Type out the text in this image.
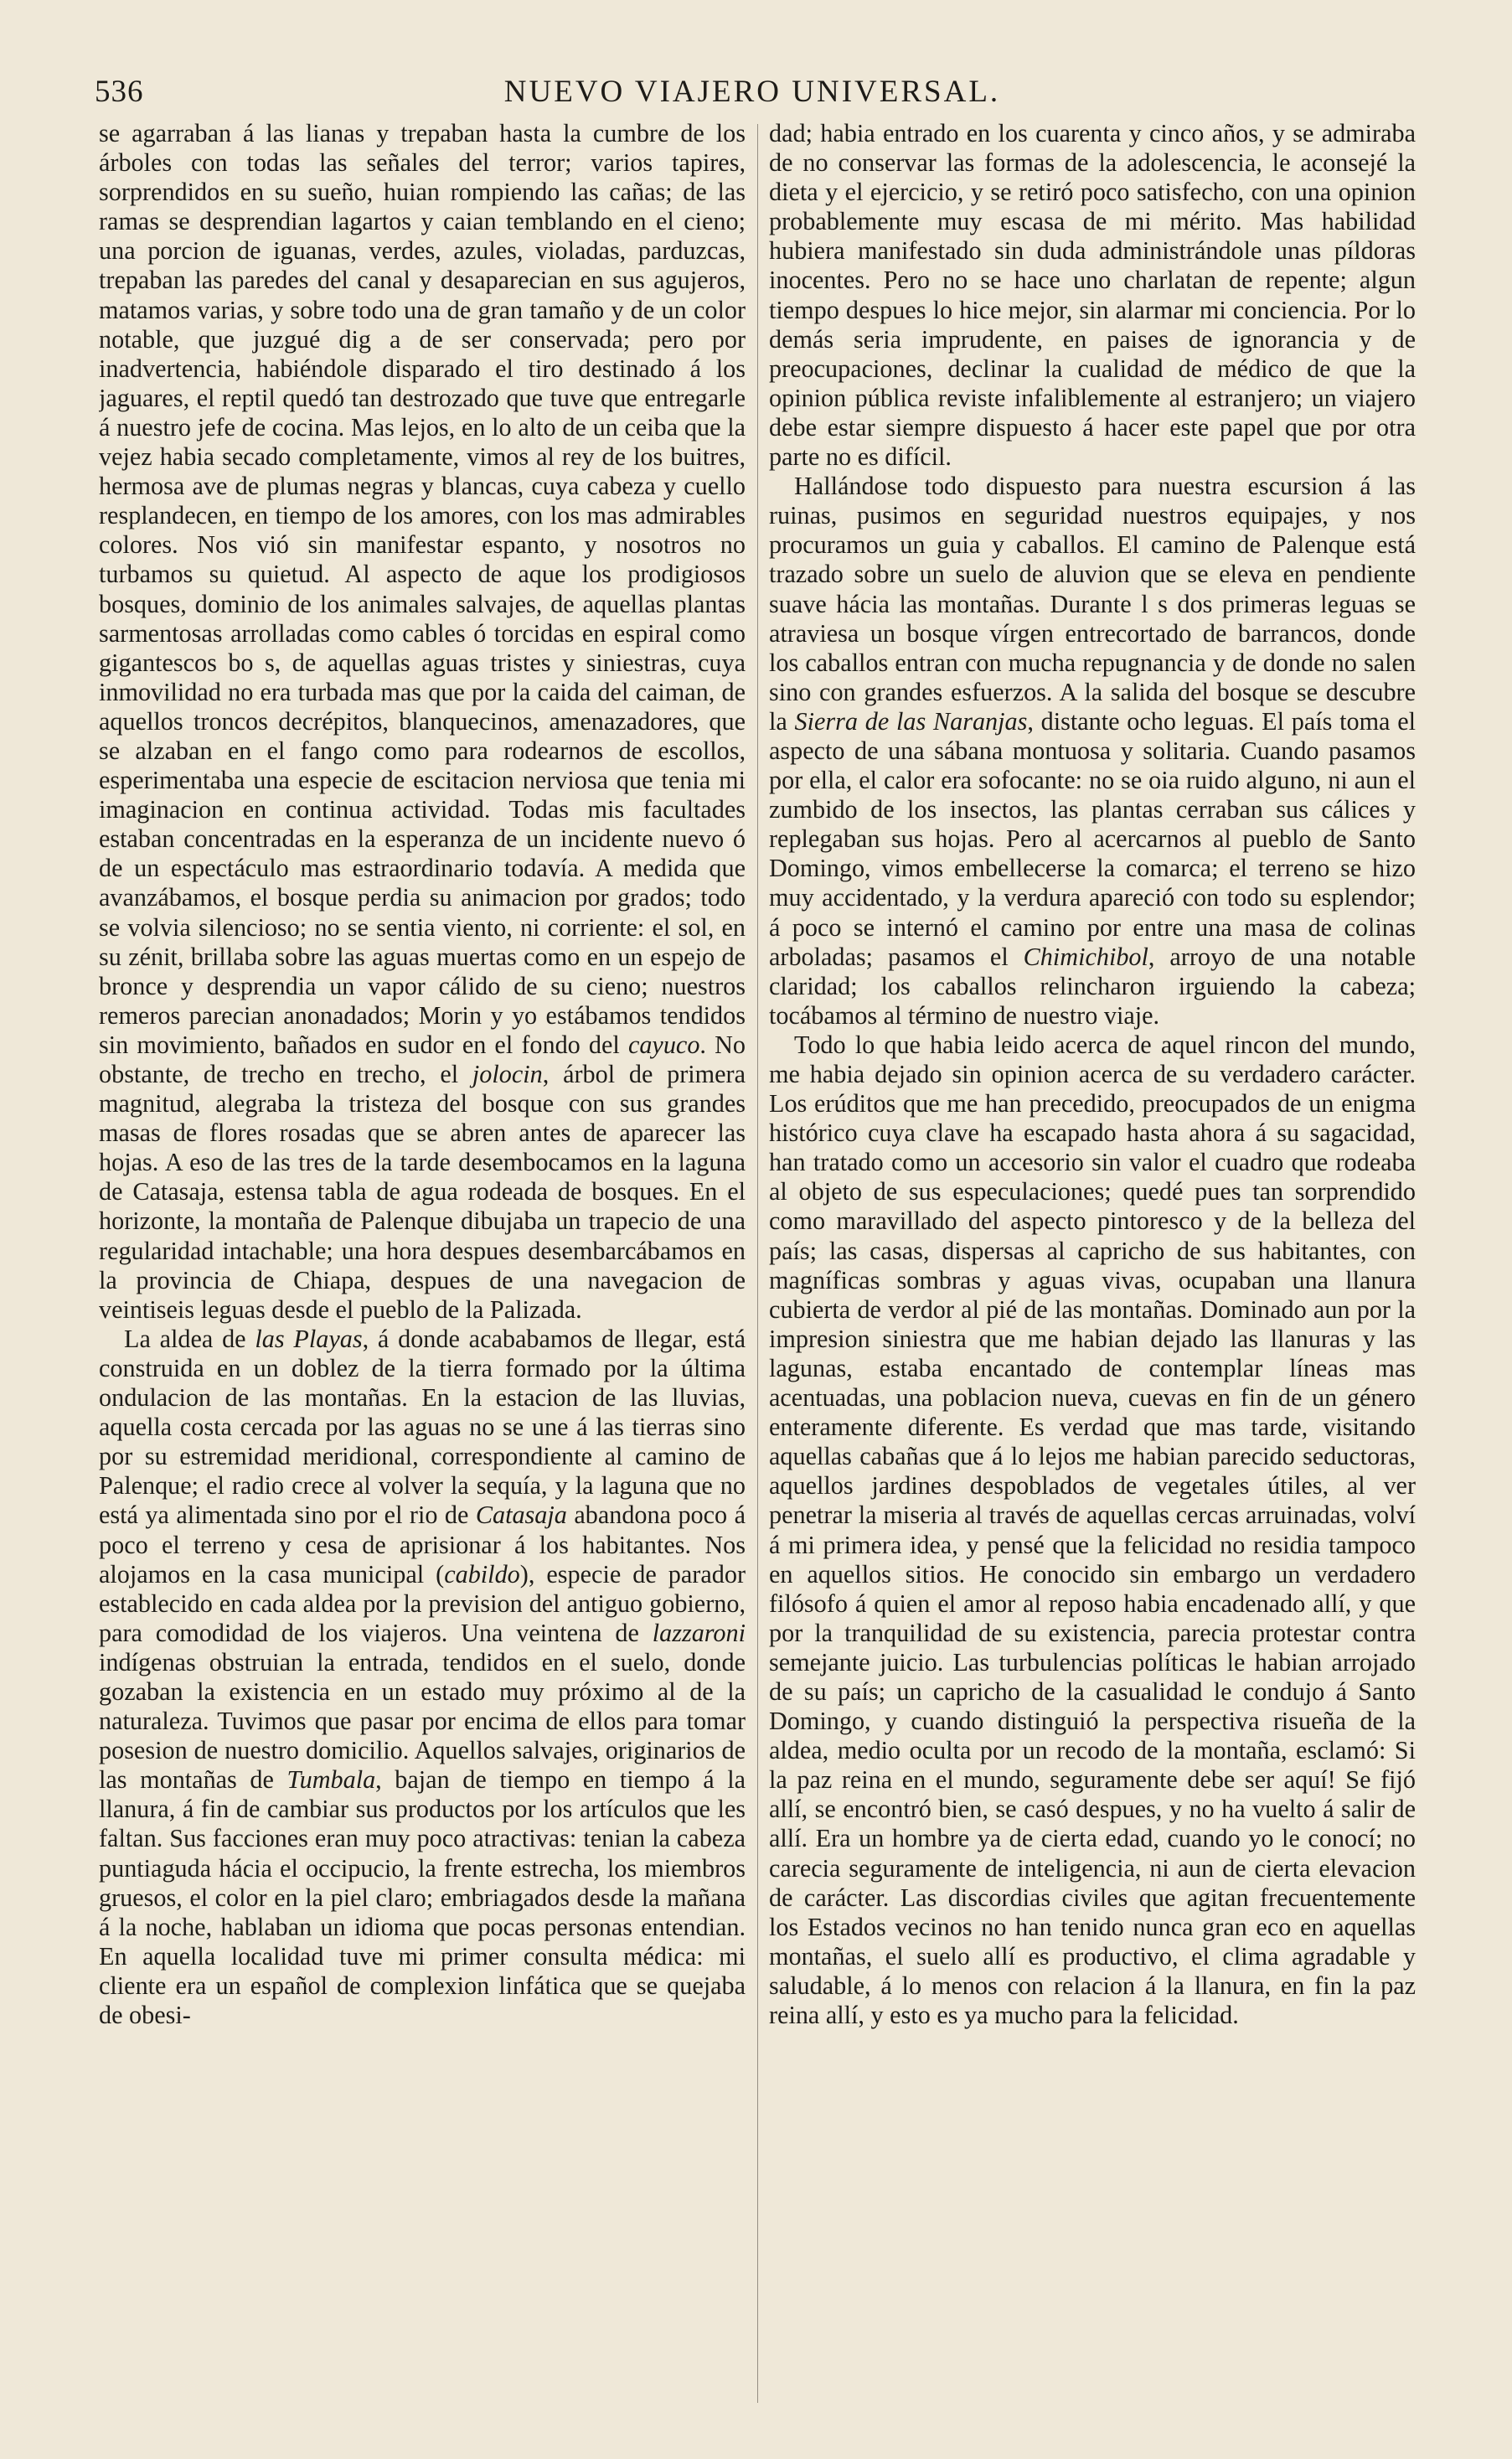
536	NUEVO VIAJERO UNIVERSAL.

se agarraban á las lianas y trepaban hasta la cumbre de los árboles con todas las señales del terror; varios tapires, sorprendidos en su sueño, huian rompiendo las cañas; de las ramas se desprendian lagartos y caian temblando en el cieno; una porcion de iguanas, verdes, azules, violadas, parduzcas, trepaban las paredes del canal y desaparecian en sus agujeros, matamos varias, y sobre todo una de gran tamaño y de un color notable, que juzgué dig a de ser conservada; pero por inadvertencia, habiéndole disparado el tiro destinado á los jaguares, el reptil quedó tan destrozado que tuve que entregarle á nuestro jefe de cocina. Mas lejos, en lo alto de un ceiba que la vejez habia secado completamente, vimos al rey de los buitres, hermosa ave de plumas negras y blancas, cuya cabeza y cuello resplandecen, en tiempo de los amores, con los mas admirables colores. Nos vió sin manifestar espanto, y nosotros no turbamos su quietud. Al aspecto de aque los prodigiosos bosques, dominio de los animales salvajes, de aquellas plantas sarmentosas arrolladas como cables ó torcidas en espiral como gigantescos bo s, de aquellas aguas tristes y siniestras, cuya inmovilidad no era turbada mas que por la caida del caiman, de aquellos troncos decrépitos, blanquecinos, amenazadores, que se alzaban en el fango como para rodearnos de escollos, esperimentaba una especie de escitacion nerviosa que tenia mi imaginacion en continua actividad. Todas mis facultades estaban concentradas en la esperanza de un incidente nuevo ó de un espectáculo mas estraordinario todavía. A medida que avanzábamos, el bosque perdia su animacion por grados; todo se volvia silencioso; no se sentia viento, ni corriente: el sol, en su zénit, brillaba sobre las aguas muertas como en un espejo de bronce y desprendia un vapor cálido de su cieno; nuestros remeros parecian anonadados; Morin y yo estábamos tendidos sin movimiento, bañados en sudor en el fondo del cayuco. No obstante, de trecho en trecho, el jolocin, árbol de primera magnitud, alegraba la tristeza del bosque con sus grandes masas de flores rosadas que se abren antes de aparecer las hojas. A eso de las tres de la tarde desembocamos en la laguna de Catasaja, estensa tabla de agua rodeada de bosques. En el horizonte, la montaña de Palenque dibujaba un trapecio de una regularidad intachable; una hora despues desembarcábamos en la provincia de Chiapa, despues de una navegacion de veintiseis leguas desde el pueblo de la Palizada.

La aldea de las Playas, á donde acababamos de llegar, está construida en un doblez de la tierra formado por la última ondulacion de las montañas. En la estacion de las lluvias, aquella costa cercada por las aguas no se une á las tierras sino por su estremidad meridional, correspondiente al camino de Palenque; el radio crece al volver la sequía, y la laguna que no está ya alimentada sino por el rio de Catasaja abandona poco á poco el terreno y cesa de aprisionar á los habitantes. Nos alojamos en la casa municipal (cabildo), especie de parador establecido en cada aldea por la prevision del antiguo gobierno, para comodidad de los viajeros. Una veintena de lazzaroni indígenas obstruian la entrada, tendidos en el suelo, donde gozaban la existencia en un estado muy próximo al de la naturaleza. Tuvimos que pasar por encima de ellos para tomar posesion de nuestro domicilio. Aquellos salvajes, originarios de las montañas de Tumbala, bajan de tiempo en tiempo á la llanura, á fin de cambiar sus productos por los artículos que les faltan. Sus facciones eran muy poco atractivas: tenian la cabeza puntiaguda hácia el occipucio, la frente estrecha, los miembros gruesos, el color en la piel claro; embriagados desde la mañana á la noche, hablaban un idioma que pocas personas entendian. En aquella localidad tuve mi primer consulta médica: mi cliente era un español de complexion linfática que se quejaba de obesi-

dad; habia entrado en los cuarenta y cinco años, y se admiraba de no conservar las formas de la adolescencia, le aconsejé la dieta y el ejercicio, y se retiró poco satisfecho, con una opinion probablemente muy escasa de mi mérito. Mas habilidad hubiera manifestado sin duda administrándole unas píldoras inocentes. Pero no se hace uno charlatan de repente; algun tiempo despues lo hice mejor, sin alarmar mi conciencia. Por lo demás seria imprudente, en paises de ignorancia y de preocupaciones, declinar la cualidad de médico de que la opinion pública reviste infaliblemente al estranjero; un viajero debe estar siempre dispuesto á hacer este papel que por otra parte no es difícil.

Hallándose todo dispuesto para nuestra escursion á las ruinas, pusimos en seguridad nuestros equipajes, y nos procuramos un guia y caballos. El camino de Palenque está trazado sobre un suelo de aluvion que se eleva en pendiente suave hácia las montañas. Durante l s dos primeras leguas se atraviesa un bosque vírgen entrecortado de barrancos, donde los caballos entran con mucha repugnancia y de donde no salen sino con grandes esfuerzos. A la salida del bosque se descubre la Sierra de las Naranjas, distante ocho leguas. El país toma el aspecto de una sábana montuosa y solitaria. Cuando pasamos por ella, el calor era sofocante: no se oia ruido alguno, ni aun el zumbido de los insectos, las plantas cerraban sus cálices y replegaban sus hojas. Pero al acercarnos al pueblo de Santo Domingo, vimos embellecerse la comarca; el terreno se hizo muy accidentado, y la verdura apareció con todo su esplendor; á poco se internó el camino por entre una masa de colinas arboladas; pasamos el Chimichibol, arroyo de una notable claridad; los caballos relincharon irguiendo la cabeza; tocábamos al término de nuestro viaje.

Todo lo que habia leido acerca de aquel rincon del mundo, me habia dejado sin opinion acerca de su verdadero carácter. Los erúditos que me han precedido, preocupados de un enigma histórico cuya clave ha escapado hasta ahora á su sagacidad, han tratado como un accesorio sin valor el cuadro que rodeaba al objeto de sus especulaciones; quedé pues tan sorprendido como maravillado del aspecto pintoresco y de la belleza del país; las casas, dispersas al capricho de sus habitantes, con magníficas sombras y aguas vivas, ocupaban una llanura cubierta de verdor al pié de las montañas. Dominado aun por la impresion siniestra que me habian dejado las llanuras y las lagunas, estaba encantado de contemplar líneas mas acentuadas, una poblacion nueva, cuevas en fin de un género enteramente diferente. Es verdad que mas tarde, visitando aquellas cabañas que á lo lejos me habian parecido seductoras, aquellos jardines despoblados de vegetales útiles, al ver penetrar la miseria al través de aquellas cercas arruinadas, volví á mi primera idea, y pensé que la felicidad no residia tampoco en aquellos sitios. He conocido sin embargo un verdadero filósofo á quien el amor al reposo habia encadenado allí, y que por la tranquilidad de su existencia, parecia protestar contra semejante juicio. Las turbulencias políticas le habian arrojado de su país; un capricho de la casualidad le condujo á Santo Domingo, y cuando distinguió la perspectiva risueña de la aldea, medio oculta por un recodo de la montaña, esclamó: Si la paz reina en el mundo, seguramente debe ser aquí! Se fijó allí, se encontró bien, se casó despues, y no ha vuelto á salir de allí. Era un hombre ya de cierta edad, cuando yo le conocí; no carecia seguramente de inteligencia, ni aun de cierta elevacion de carácter. Las discordias civiles que agitan frecuentemente los Estados vecinos no han tenido nunca gran eco en aquellas montañas, el suelo allí es productivo, el clima agradable y saludable, á lo menos con relacion á la llanura, en fin la paz reina allí, y esto es ya mucho para la felicidad.
